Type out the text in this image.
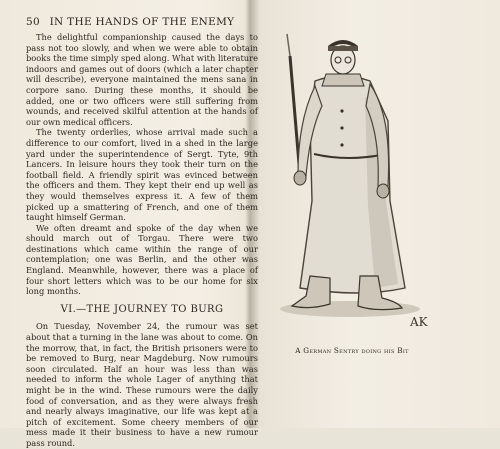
50 IN THE HANDS OF THE ENEMY

The delightful companionship caused the days to pass not too slowly, and when we were able to obtain books the time simply sped along. What with literature indoors and games out of doors (which a later chapter will describe), everyone maintained the mens sana in corpore sano. During these months, it should be added, one or two officers were still suffering from wounds, and received skilful attention at the hands of our own medical officers.

The twenty orderlies, whose arrival made such a difference to our comfort, lived in a shed in the large yard under the superintendence of Sergt. Tyte, 9th Lancers. In leisure hours they took their turn on the football field. A friendly spirit was evinced between the officers and them. They kept their end up well as they would themselves express it. A few of them picked up a smattering of French, and one of them taught himself German.

We often dreamt and spoke of the day when we should march out of Torgau. There were two destinations which came within the range of our contemplation; one was Berlin, and the other was England. Meanwhile, however, there was a place of four short letters which was to be our home for six long months.

VI.—THE JOURNEY TO BURG

On Tuesday, November 24, the rumour was set about that a turning in the lane was about to come. On the morrow, that, in fact, the British prisoners were to be removed to Burg, near Magdeburg. Now rumours soon circulated. Half an hour was less than was needed to inform the whole Lager of anything that might be in the wind. These rumours were the daily food of conversation, and as they were always fresh and nearly always imaginative, our life was kept at a pitch of excitement. Some cheery members of our mess made it their business to have a new rumour pass round.

AK
A German Sentry doing his Bit
